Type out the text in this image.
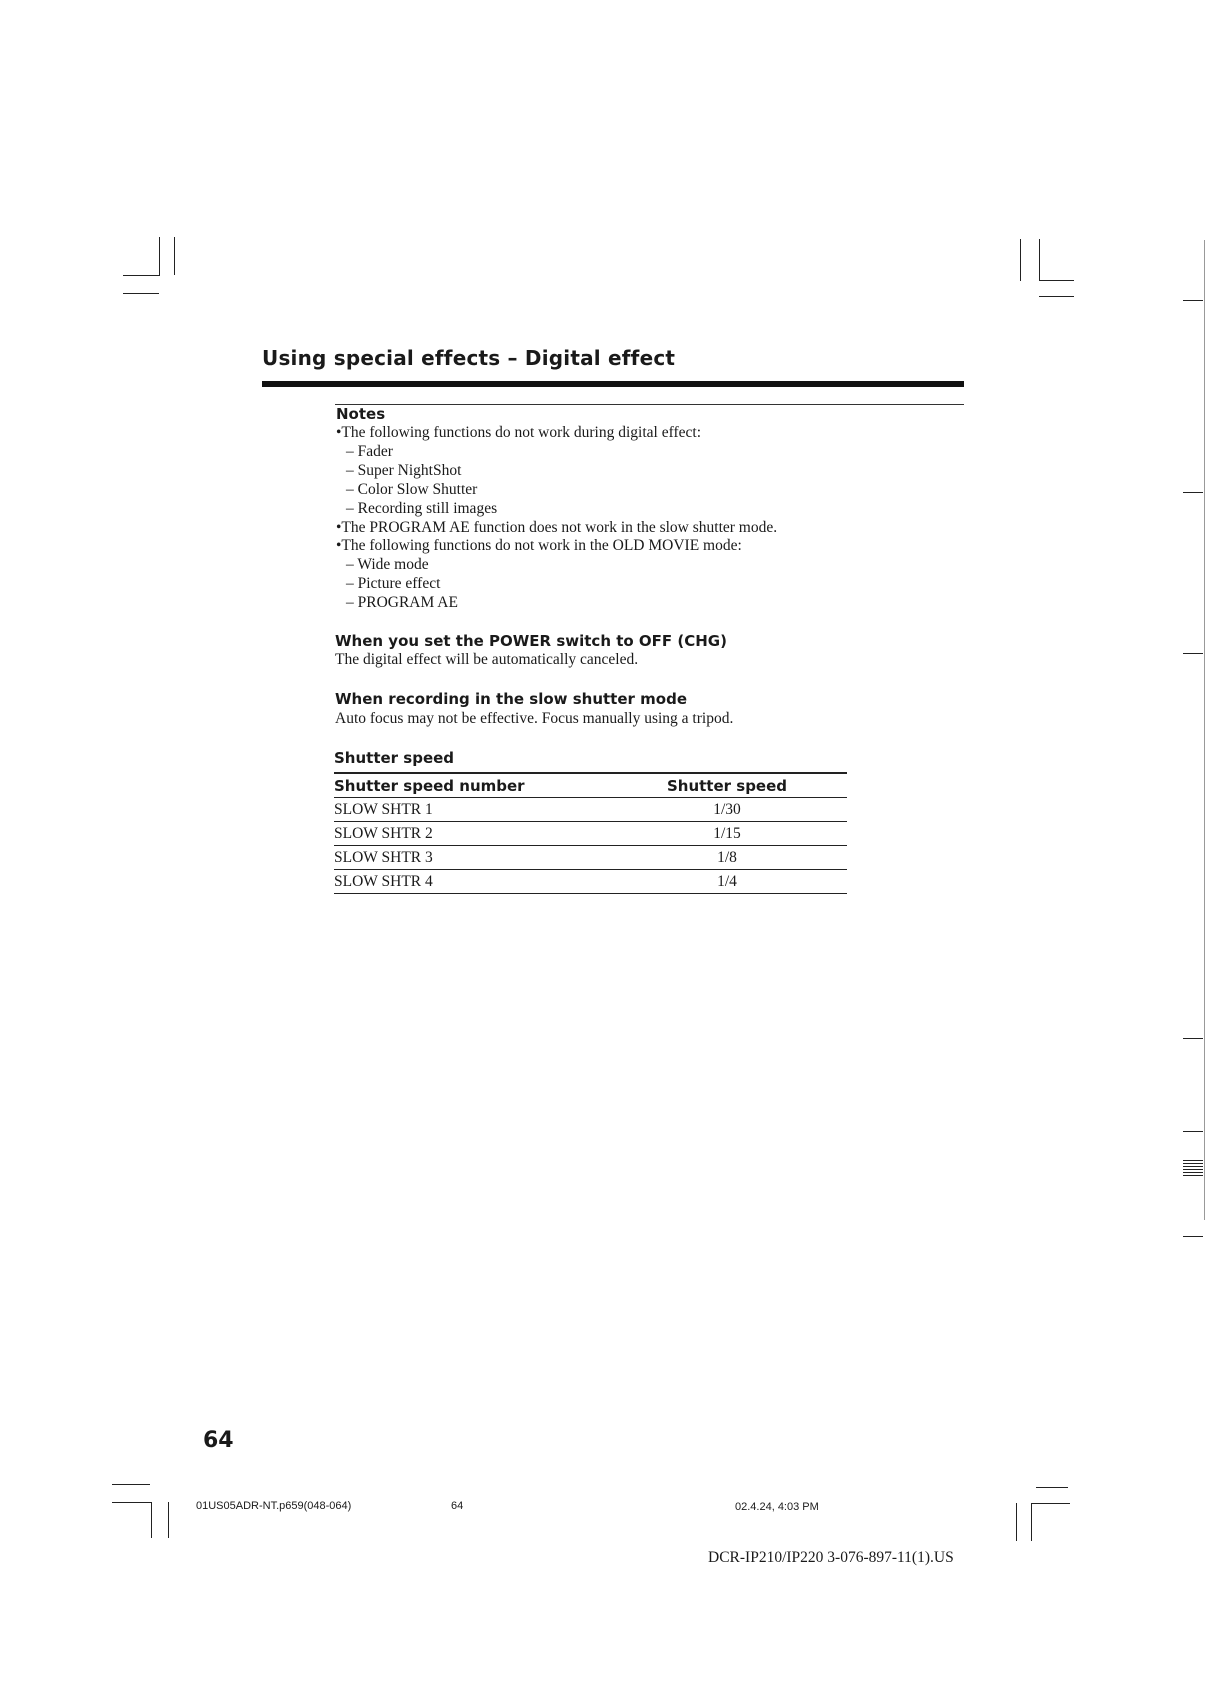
Using special effects – Digital effect
Notes
•The following functions do not work during digital effect:
– Fader
– Super NightShot
– Color Slow Shutter
– Recording still images
•The PROGRAM AE function does not work in the slow shutter mode.
•The following functions do not work in the OLD MOVIE mode:
– Wide mode
– Picture effect
– PROGRAM AE
When you set the POWER switch to OFF (CHG)
The digital effect will be automatically canceled.
When recording in the slow shutter mode
Auto focus may not be effective. Focus manually using a tripod.
Shutter speed
Shutter speed number	Shutter speed
SLOW SHTR 1	1/30
SLOW SHTR 2	1/15
SLOW SHTR 3	1/8
SLOW SHTR 4	1/4
64
01US05ADR-NT.p659(048-064)	64	02.4.24, 4:03 PM
DCR-IP210/IP220 3-076-897-11(1).US
